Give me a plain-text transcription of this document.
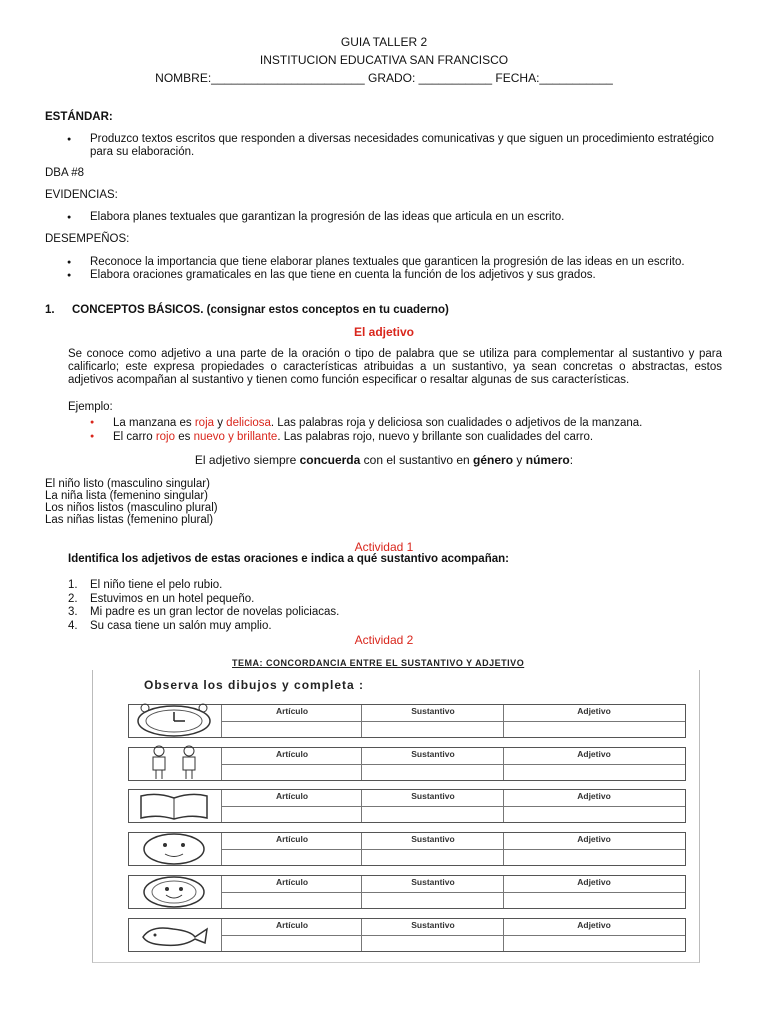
GUIA TALLER 2
INSTITUCION EDUCATIVA SAN FRANCISCO
NOMBRE:_______________________ GRADO: ___________ FECHA:___________
ESTÁNDAR:
● Produzco textos escritos que responden a diversas necesidades comunicativas y que siguen un procedimiento estratégico para su elaboración.
DBA #8
EVIDENCIAS:
● Elabora planes textuales que garantizan la progresión de las ideas que articula en un escrito.
DESEMPEÑOS:
● Reconoce la importancia que tiene elaborar planes textuales que garanticen la progresión de las ideas en un escrito.
● Elabora oraciones gramaticales en las que tiene en cuenta la función de los adjetivos y sus grados.
1. CONCEPTOS BÁSICOS. (consignar estos conceptos en tu cuaderno)
El adjetivo
Se conoce como adjetivo a una parte de la oración o tipo de palabra que se utiliza para complementar al sustantivo y para calificarlo; este expresa propiedades o características atribuidas a un sustantivo, ya sean concretas o abstractas, estos adjetivos acompañan al sustantivo y tienen como función especificar o resaltar algunas de sus características.
Ejemplo:
● La manzana es roja y deliciosa. Las palabras roja y deliciosa son cualidades o adjetivos de la manzana.
● El carro rojo es nuevo y brillante. Las palabras rojo, nuevo y brillante son cualidades del carro.
El adjetivo siempre concuerda con el sustantivo en género y número:
El niño listo (masculino singular)
La niña lista (femenino singular)
Los niños listos (masculino plural)
Las niñas listas (femenino plural)
Actividad 1
Identifica los adjetivos de estas oraciones e indica a qué sustantivo acompañan:
1. El niño tiene el pelo rubio.
2. Estuvimos en un hotel pequeño.
3. Mi padre es un gran lector de novelas policiacas.
4. Su casa tiene un salón muy amplio.
Actividad 2
TEMA: CONCORDANCIA ENTRE EL SUSTANTIVO Y ADJETIVO
Observa los dibujos y completa :
Artículo	Sustantivo	Adjetivo
Artículo	Sustantivo	Adjetivo
Artículo	Sustantivo	Adjetivo
Artículo	Sustantivo	Adjetivo
Artículo	Sustantivo	Adjetivo
Artículo	Sustantivo	Adjetivo
